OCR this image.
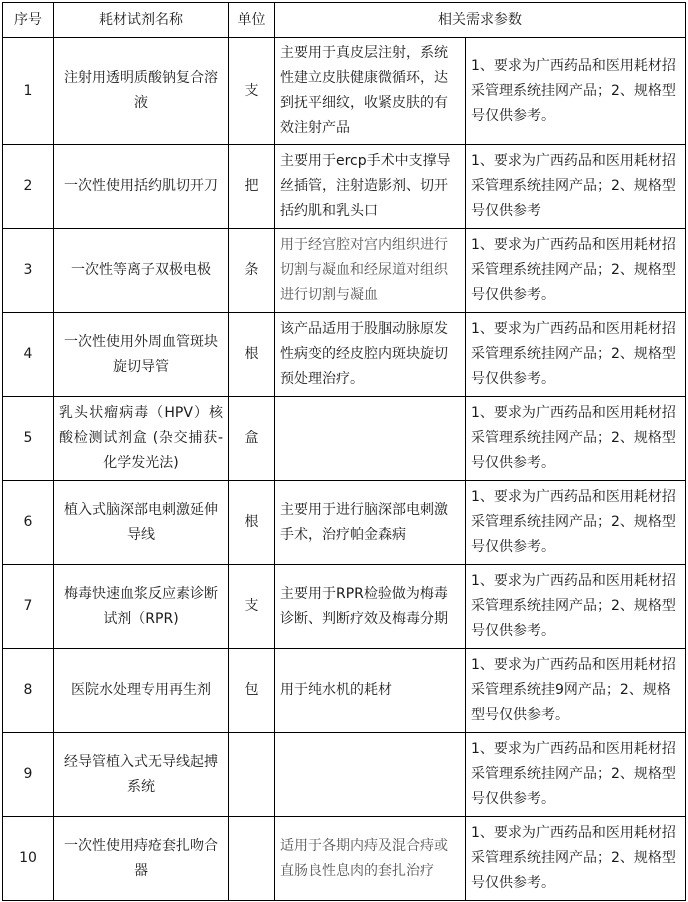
序号	耗材试剂名称	单位	相关需求参数	
1	注射用透明质酸钠复合溶液	支	主要用于真皮层注射，系统性建立皮肤健康微循环，达到抚平细纹，收紧皮肤的有效注射产品	1、要求为广西药品和医用耗材招采管理系统挂网产品；2、规格型号仅供参考。
2	一次性使用括约肌切开刀	把	主要用于ercp手术中支撑导丝插管，注射造影剂、切开括约肌和乳头口	1、要求为广西药品和医用耗材招采管理系统挂网产品；2、规格型号仅供参考
3	一次性等离子双极电极	条	用于经宫腔对宫内组织进行切割与凝血和经尿道对组织进行切割与凝血	1、要求为广西药品和医用耗材招采管理系统挂网产品；2、规格型号仅供参考。
4	一次性使用外周血管斑块旋切导管	根	该产品适用于股腘动脉原发性病变的经皮腔内斑块旋切预处理治疗。	1、要求为广西药品和医用耗材招采管理系统挂网产品；2、规格型号仅供参考。
5	乳头状瘤病毒（HPV）核酸检测试剂盒 (杂交捕获-化学发光法)	盒		1、要求为广西药品和医用耗材招采管理系统挂网产品；2、规格型号仅供参考。
6	植入式脑深部电刺激延伸导线	根	主要用于进行脑深部电刺激手术，治疗帕金森病	1、要求为广西药品和医用耗材招采管理系统挂网产品；2、规格型号仅供参考。
7	梅毒快速血浆反应素诊断试剂（RPR)	支	主要用于RPR检验做为梅毒诊断、判断疗效及梅毒分期	1、要求为广西药品和医用耗材招采管理系统挂网产品；2、规格型号仅供参考。
8	医院水处理专用再生剂	包	用于纯水机的耗材	1、要求为广西药品和医用耗材招采管理系统挂9网产品；2、规格型号仅供参考。
9	经导管植入式无导线起搏系统			1、要求为广西药品和医用耗材招采管理系统挂网产品；2、规格型号仅供参考。
10	一次性使用痔疮套扎吻合器		适用于各期内痔及混合痔或直肠良性息肉的套扎治疗	1、要求为广西药品和医用耗材招采管理系统挂网产品；2、规格型号仅供参考。
